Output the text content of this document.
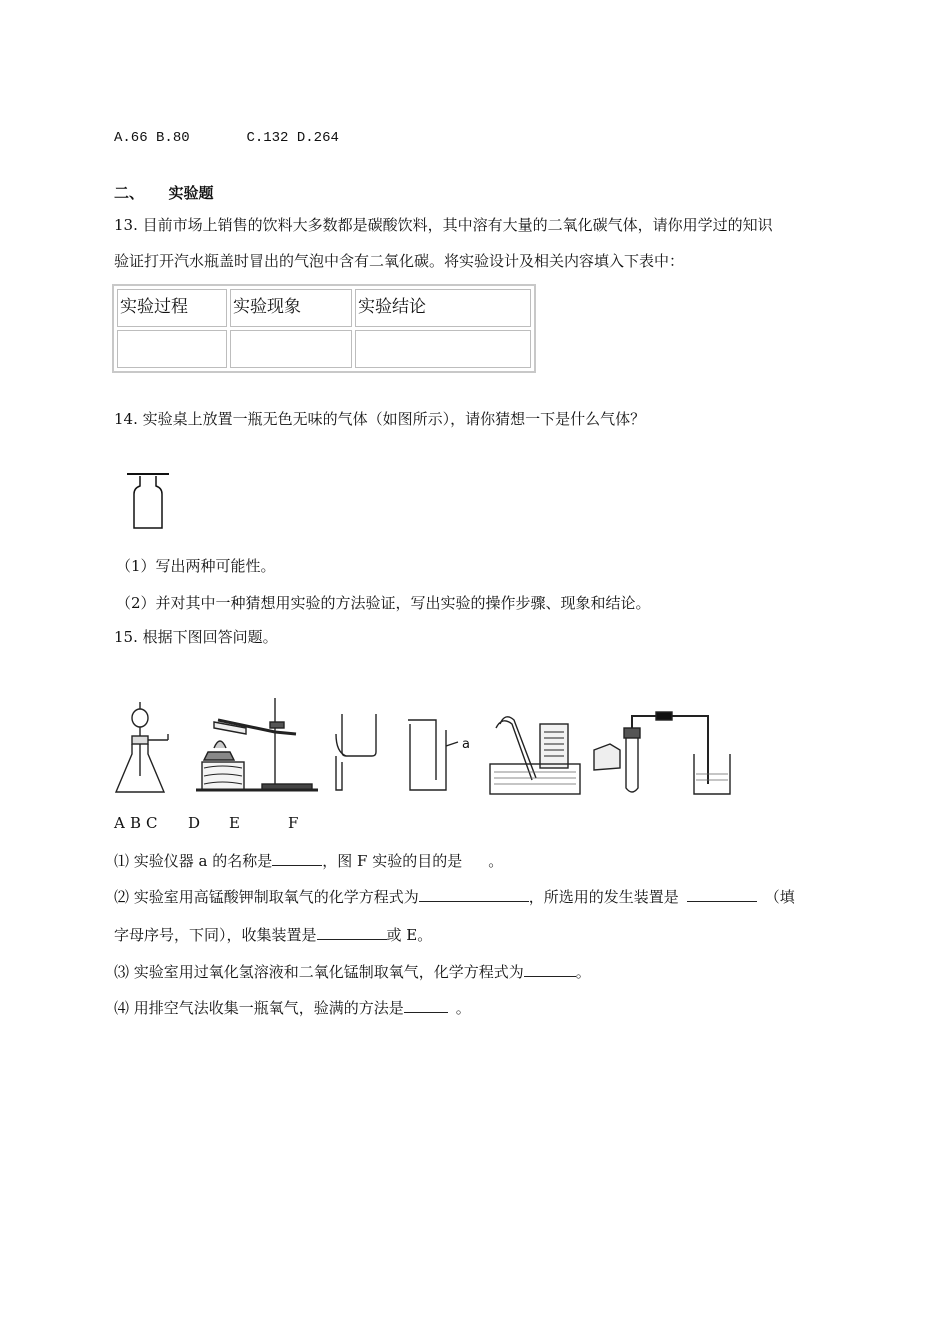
A.66 B.80	C.132 D.264
二、 实验题
13. 目前市场上销售的饮料大多数都是碳酸饮料，其中溶有大量的二氧化碳气体，请你用学过的知识
验证打开汽水瓶盖时冒出的气泡中含有二氧化碳。将实验设计及相关内容填入下表中：
实验过程	实验现象	实验结论

14. 实验桌上放置一瓶无色无味的气体（如图所示），请你猜想一下是什么气体？
（1）写出两种可能性。
（2）并对其中一种猜想用实验的方法验证，写出实验的操作步骤、现象和结论。
15. 根据下图回答问题。
a
A B C D E	F
⑴ 实验仪器 a 的名称是	，图 F 实验的目的是 。
⑵ 实验室用高锰酸钾制取氧气的化学方程式为	，所选用的发生装置是	（填
字母序号，下同），收集装置是	或 E。
⑶ 实验室用过氧化氢溶液和二氧化锰制取氧气，化学方程式为	。
⑷ 用排空气法收集一瓶氧气，验满的方法是	。
